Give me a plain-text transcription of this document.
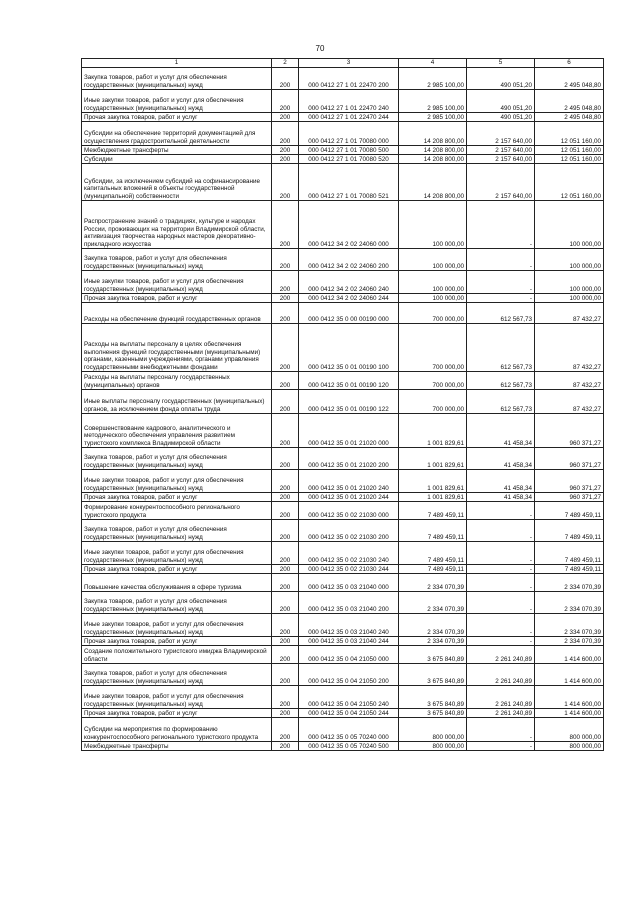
70
1	2	3	4	5	6
Закупка товаров, работ и услуг для обеспечения государственных (муниципальных) нужд	200	000 0412 27 1 01 22470 200	2 985 100,00	490 051,20	2 495 048,80
Иные закупки товаров, работ и услуг для обеспечения государственных (муниципальных) нужд	200	000 0412 27 1 01 22470 240	2 985 100,00	490 051,20	2 495 048,80
Прочая закупка товаров, работ и услуг	200	000 0412 27 1 01 22470 244	2 985 100,00	490 051,20	2 495 048,80
Субсидии на обеспечение территорий документацией для осуществления градостроительной деятельности	200	000 0412 27 1 01 70080 000	14 208 800,00	2 157 640,00	12 051 160,00
Межбюджетные трансферты	200	000 0412 27 1 01 70080 500	14 208 800,00	2 157 640,00	12 051 160,00
Субсидии	200	000 0412 27 1 01 70080 520	14 208 800,00	2 157 640,00	12 051 160,00
Субсидии, за исключением субсидий на софинансирование капитальных вложений в объекты государственной (муниципальной) собственности	200	000 0412 27 1 01 70080 521	14 208 800,00	2 157 640,00	12 051 160,00
Распространение знаний о традициях, культуре и народах России, проживающих на территории Владимирской области, активизация творчества народных мастеров декоративно-прикладного искусства	200	000 0412 34 2 02 24060 000	100 000,00	-	100 000,00
Закупка товаров, работ и услуг для обеспечения государственных (муниципальных) нужд	200	000 0412 34 2 02 24060 200	100 000,00	-	100 000,00
Иные закупки товаров, работ и услуг для обеспечения государственных (муниципальных) нужд	200	000 0412 34 2 02 24060 240	100 000,00	-	100 000,00
Прочая закупка товаров, работ и услуг	200	000 0412 34 2 02 24060 244	100 000,00	-	100 000,00
Расходы на обеспечение функций государственных органов	200	000 0412 35 0 00 00190 000	700 000,00	612 567,73	87 432,27
Расходы на выплаты персоналу в целях обеспечения выполнения функций государственными (муниципальными) органами, казенными учреждениями, органами управления государственными внебюджетными фондами	200	000 0412 35 0 01 00190 100	700 000,00	612 567,73	87 432,27
Расходы на выплаты персоналу государственных (муниципальных) органов	200	000 0412 35 0 01 00190 120	700 000,00	612 567,73	87 432,27
Иные выплаты персоналу государственных (муниципальных) органов, за исключением фонда оплаты труда	200	000 0412 35 0 01 00190 122	700 000,00	612 567,73	87 432,27
Совершенствование кадрового, аналитического и методического обеспечения управления развитием туристского комплекса Владимирской области	200	000 0412 35 0 01 21020 000	1 001 829,61	41 458,34	960 371,27
Закупка товаров, работ и услуг для обеспечения государственных (муниципальных) нужд	200	000 0412 35 0 01 21020 200	1 001 829,61	41 458,34	960 371,27
Иные закупки товаров, работ и услуг для обеспечения государственных (муниципальных) нужд	200	000 0412 35 0 01 21020 240	1 001 829,61	41 458,34	960 371,27
Прочая закупка товаров, работ и услуг	200	000 0412 35 0 01 21020 244	1 001 829,61	41 458,34	960 371,27
Формирование конкурентоспособного регионального туристского продукта	200	000 0412 35 0 02 21030 000	7 489 459,11	-	7 489 459,11
Закупка товаров, работ и услуг для обеспечения государственных (муниципальных) нужд	200	000 0412 35 0 02 21030 200	7 489 459,11	-	7 489 459,11
Иные закупки товаров, работ и услуг для обеспечения государственных (муниципальных) нужд	200	000 0412 35 0 02 21030 240	7 489 459,11	-	7 489 459,11
Прочая закупка товаров, работ и услуг	200	000 0412 35 0 02 21030 244	7 489 459,11	-	7 489 459,11
Повышение качества обслуживания в сфере туризма	200	000 0412 35 0 03 21040 000	2 334 070,39	-	2 334 070,39
Закупка товаров, работ и услуг для обеспечения государственных (муниципальных) нужд	200	000 0412 35 0 03 21040 200	2 334 070,39	-	2 334 070,39
Иные закупки товаров, работ и услуг для обеспечения государственных (муниципальных) нужд	200	000 0412 35 0 03 21040 240	2 334 070,39	-	2 334 070,39
Прочая закупка товаров, работ и услуг	200	000 0412 35 0 03 21040 244	2 334 070,39	-	2 334 070,39
Создание положительного туристского имиджа Владимирской области	200	000 0412 35 0 04 21050 000	3 675 840,89	2 261 240,89	1 414 600,00
Закупка товаров, работ и услуг для обеспечения государственных (муниципальных) нужд	200	000 0412 35 0 04 21050 200	3 675 840,89	2 261 240,89	1 414 600,00
Иные закупки товаров, работ и услуг для обеспечения государственных (муниципальных) нужд	200	000 0412 35 0 04 21050 240	3 675 840,89	2 261 240,89	1 414 600,00
Прочая закупка товаров, работ и услуг	200	000 0412 35 0 04 21050 244	3 675 840,89	2 261 240,89	1 414 600,00
Субсидии на мероприятия по формированию конкурентоспособного регионального туристского продукта	200	000 0412 35 0 05 70240 000	800 000,00	-	800 000,00
Межбюджетные трансферты	200	000 0412 35 0 05 70240 500	800 000,00	-	800 000,00
